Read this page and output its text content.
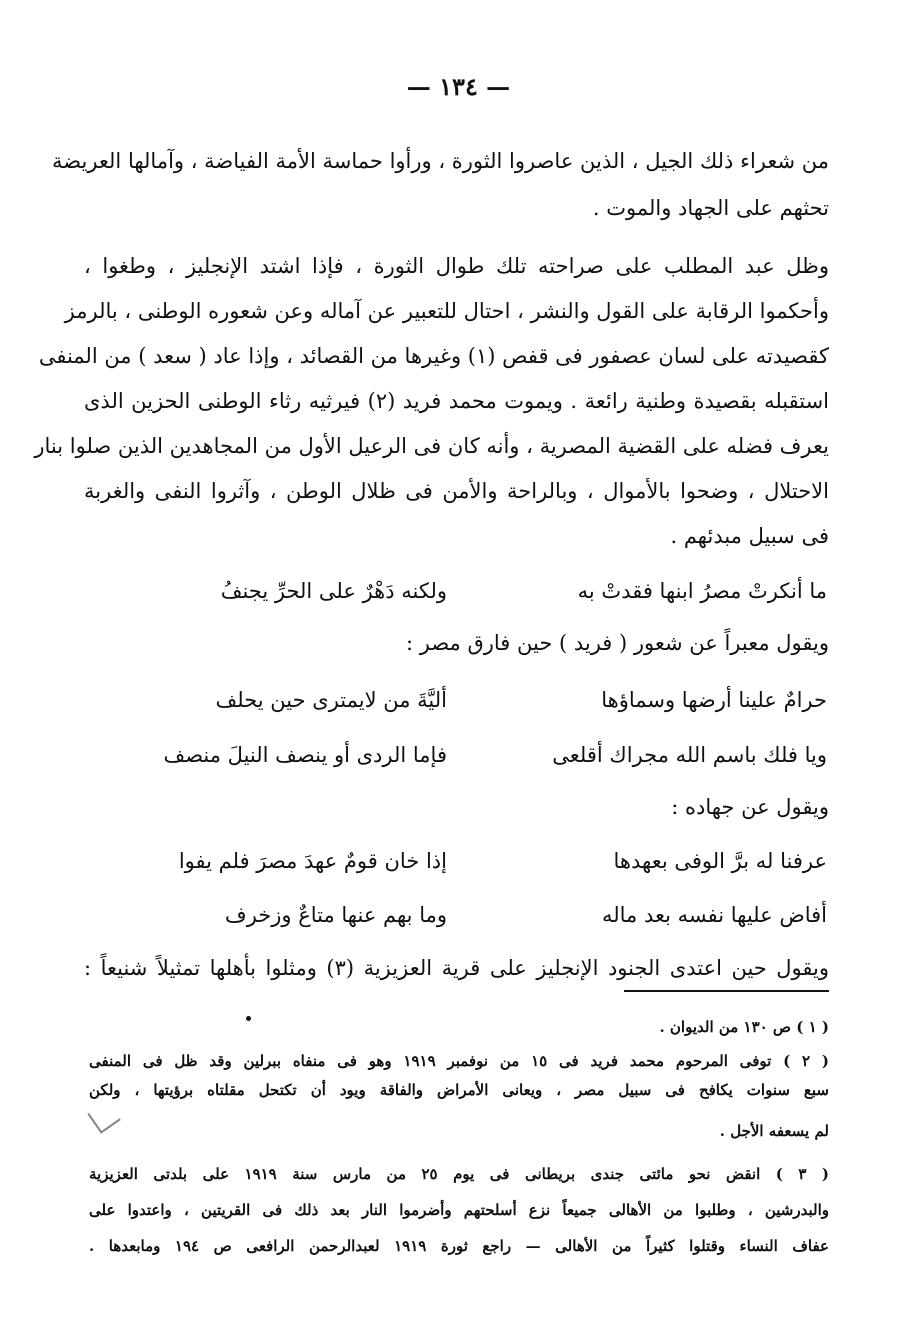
— ١٣٤ —
من شعراء ذلك الجيل ، الذين عاصروا الثورة ، ورأوا حماسة الأمة الفياضة ، وآمالها العريضة
تحثهم على الجهاد والموت .
وظل عبد المطلب على صراحته تلك طوال الثورة ، فإذا اشتد الإنجليز ، وطغوا ،
وأحكموا الرقابة على القول والنشر ، احتال للتعبير عن آماله وعن شعوره الوطنى ، بالرمز
كقصيدته على لسان عصفور فى قفص (١) وغيرها من القصائد ، وإذا عاد ( سعد ) من المنفى
استقبله بقصيدة وطنية رائعة . ويموت محمد فريد (٢) فيرثيه رثاء الوطنى الحزين الذى
يعرف فضله على القضية المصرية ، وأنه كان فى الرعيل الأول من المجاهدين الذين صلوا بنار
الاحتلال ، وضحوا بالأموال ، وبالراحة والأمن فى ظلال الوطن ، وآثروا النفى والغربة
فى سبيل مبدئهم .
ما أنكرتْ مصرُ ابنها فقدتْ به
ولكنه دَهْرٌ على الحرِّ يجنفُ
ويقول معبراً عن شعور ( فريد ) حين فارق مصر :
حرامٌ علينا أرضها وسماؤها
أليَّةَ من لايمترى حين يحلف
ويا فلك باسم الله مجراك أقلعى
فإما الردى أو ينصف النيلَ منصف
ويقول عن جهاده :
عرفنا له برَّ الوفى بعهدها
إذا خان قومٌ عهدَ مصرَ فلم يفوا
أفاض عليها نفسه بعد ماله
وما بهم عنها متاعٌ وزخرف
ويقول حين اعتدى الجنود الإنجليز على قرية العزيزية (٣) ومثلوا بأهلها تمثيلاً شنيعاً :
( ١ ) ص ١٣٠ من الديوان .
( ٢ ) توفى المرحوم محمد فريد فى ١٥ من نوفمبر ١٩١٩ وهو فى منفاه ببرلين وقد ظل فى المنفى
سبع سنوات يكافح فى سبيل مصر ، ويعانى الأمراض والفاقة ويود أن تكتحل مقلتاه برؤيتها ، ولكن
لم يسعفه الأجل .
( ٣ ) انقض نحو مائتى جندى بريطانى فى يوم ٢٥ من مارس سنة ١٩١٩ على بلدتى العزيزية
والبدرشين ، وطلبوا من الأهالى جميعاً نزع أسلحتهم وأضرموا النار بعد ذلك فى القريتين ، واعتدوا على
عفاف النساء وقتلوا كثيراً من الأهالى — راجع ثورة ١٩١٩ لعبدالرحمن الرافعى ص ١٩٤ ومابعدها .
